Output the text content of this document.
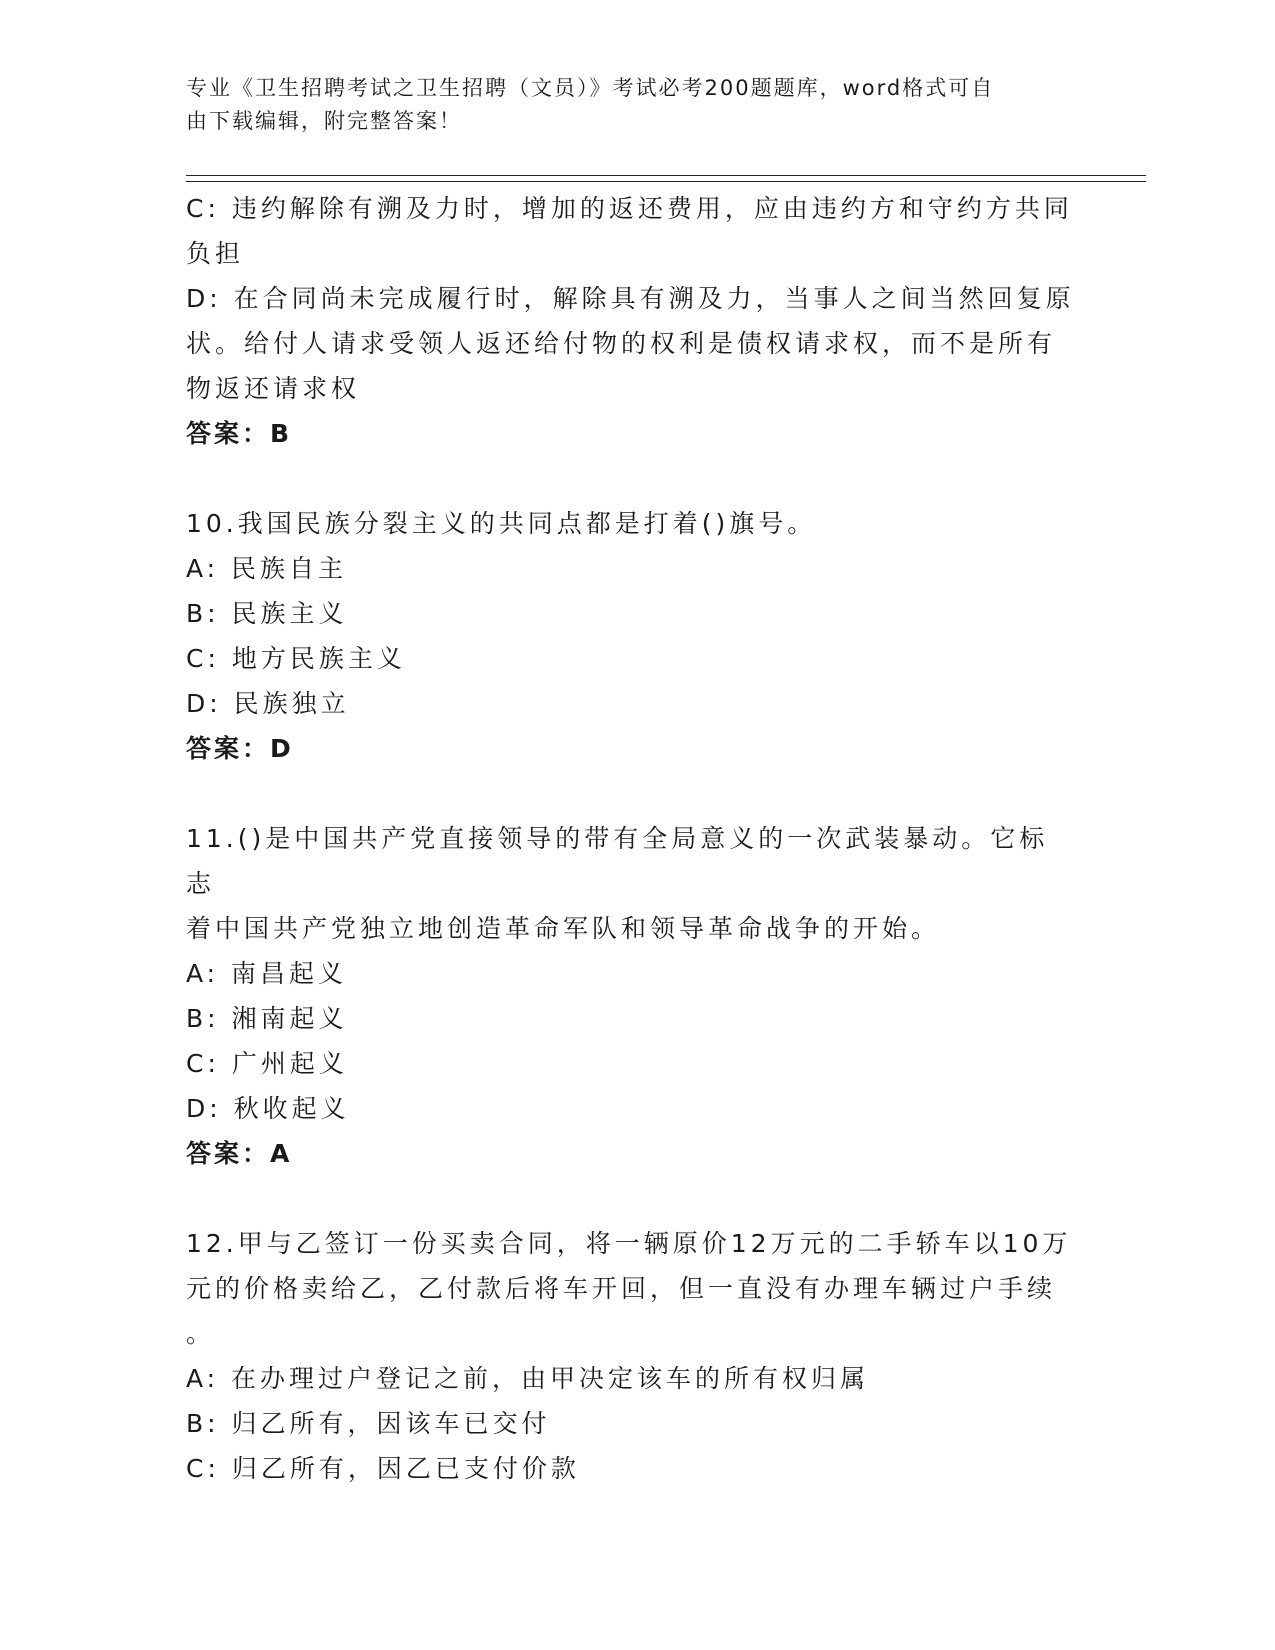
专业《卫生招聘考试之卫生招聘（文员）》考试必考200题题库，word格式可自
由下载编辑，附完整答案！

C: 违约解除有溯及力时，增加的返还费用，应由违约方和守约方共同

负担

D: 在合同尚未完成履行时，解除具有溯及力，当事人之间当然回复原

状。给付人请求受领人返还给付物的权利是债权请求权，而不是所有

物返还请求权

答案：B

10.我国民族分裂主义的共同点都是打着()旗号。

A: 民族自主

B: 民族主义

C: 地方民族主义

D: 民族独立

答案：D

11.()是中国共产党直接领导的带有全局意义的一次武装暴动。它标志

着中国共产党独立地创造革命军队和领导革命战争的开始。

A: 南昌起义

B: 湘南起义

C: 广州起义

D: 秋收起义

答案：A

12.甲与乙签订一份买卖合同，将一辆原价12万元的二手轿车以10万

元的价格卖给乙，乙付款后将车开回，但一直没有办理车辆过户手续

。

A: 在办理过户登记之前，由甲决定该车的所有权归属

B: 归乙所有，因该车已交付

C: 归乙所有，因乙已支付价款
